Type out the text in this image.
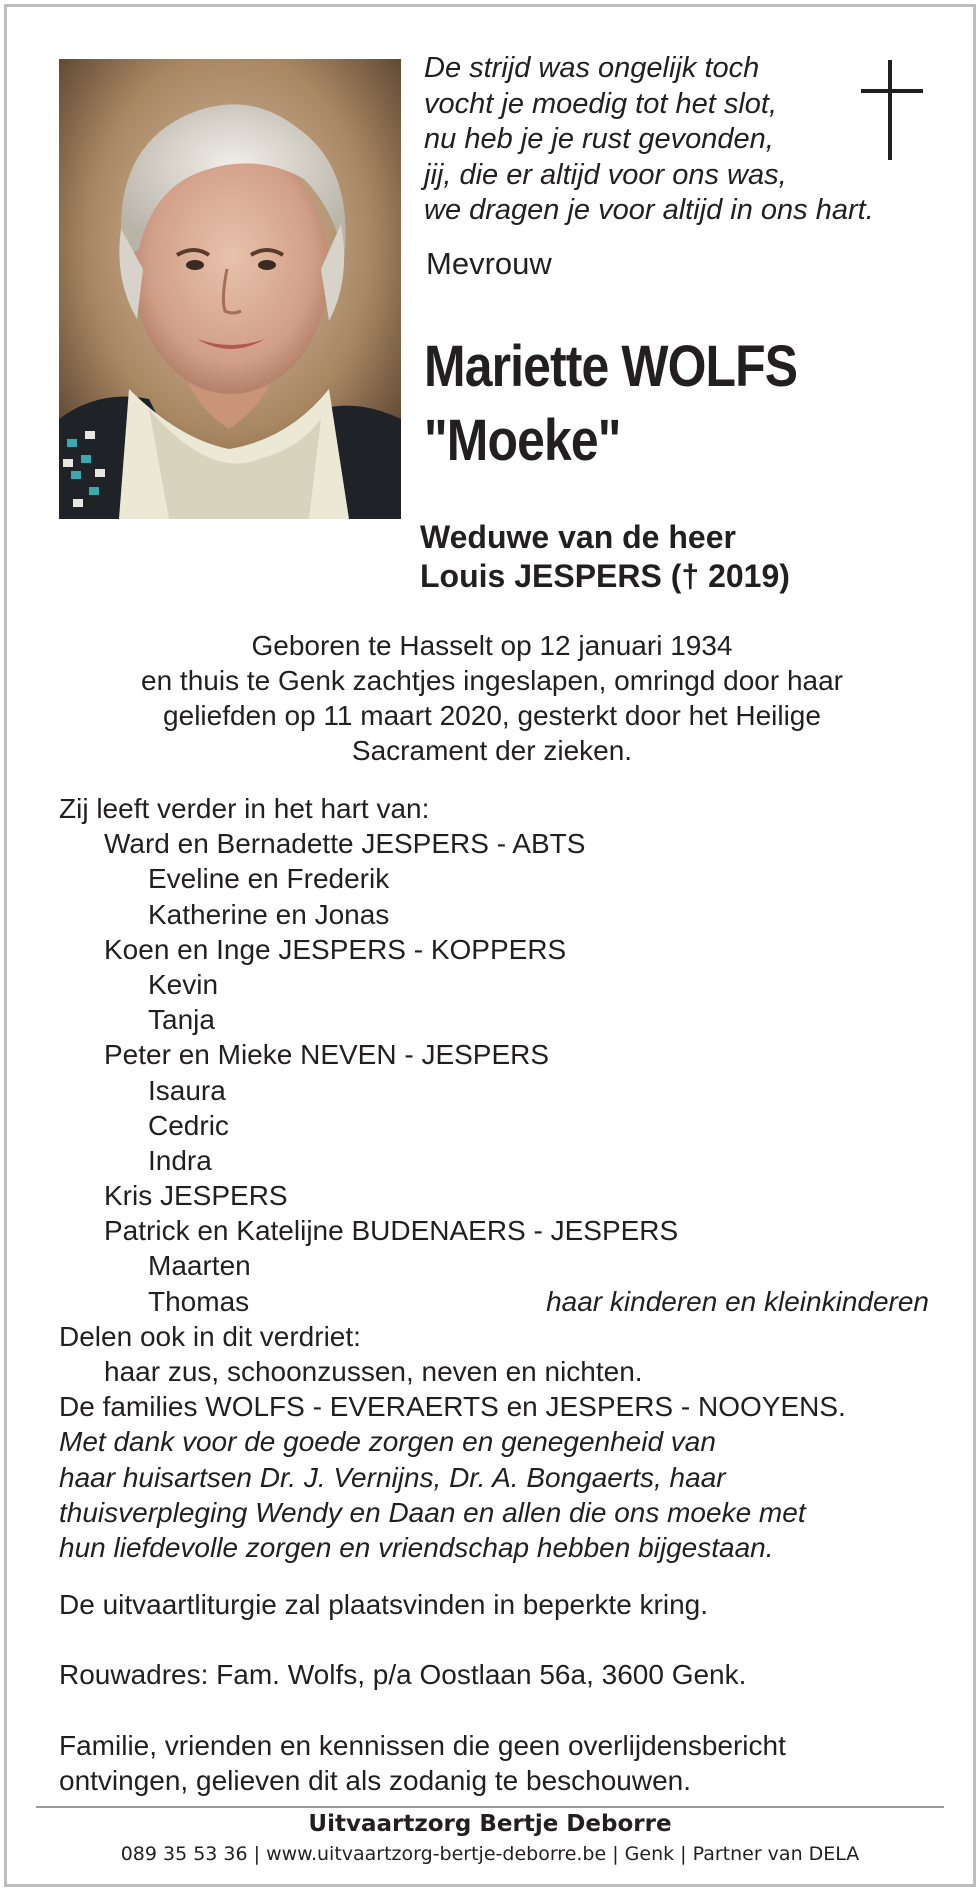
De strijd was ongelijk toch
vocht je moedig tot het slot,
nu heb je je rust gevonden,
jij, die er altijd voor ons was,
we dragen je voor altijd in ons hart.
Mevrouw
Mariette WOLFS
"Moeke"
Weduwe van de heer
Louis JESPERS († 2019)
Geboren te Hasselt op 12 januari 1934
en thuis te Genk zachtjes ingeslapen, omringd door haar
geliefden op 11 maart 2020, gesterkt door het Heilige
Sacrament der zieken.
Zij leeft verder in het hart van:
Ward en Bernadette JESPERS - ABTS
Eveline en Frederik
Katherine en Jonas
Koen en Inge JESPERS - KOPPERS
Kevin
Tanja
Peter en Mieke NEVEN - JESPERS
Isaura
Cedric
Indra
Kris JESPERS
Patrick en Katelijne BUDENAERS - JESPERS
Maarten
Thomas	haar kinderen en kleinkinderen
Delen ook in dit verdriet:
haar zus, schoonzussen, neven en nichten.
De families WOLFS - EVERAERTS en JESPERS - NOOYENS.
Met dank voor de goede zorgen en genegenheid van
haar huisartsen Dr. J. Vernijns, Dr. A. Bongaerts, haar
thuisverpleging Wendy en Daan en allen die ons moeke met
hun liefdevolle zorgen en vriendschap hebben bijgestaan.
De uitvaartliturgie zal plaatsvinden in beperkte kring.
Rouwadres: Fam. Wolfs, p/a Oostlaan 56a, 3600 Genk.
Familie, vrienden en kennissen die geen overlijdensbericht
ontvingen, gelieven dit als zodanig te beschouwen.
Uitvaartzorg Bertje Deborre
089 35 53 36 | www.uitvaartzorg-bertje-deborre.be | Genk | Partner van DELA
